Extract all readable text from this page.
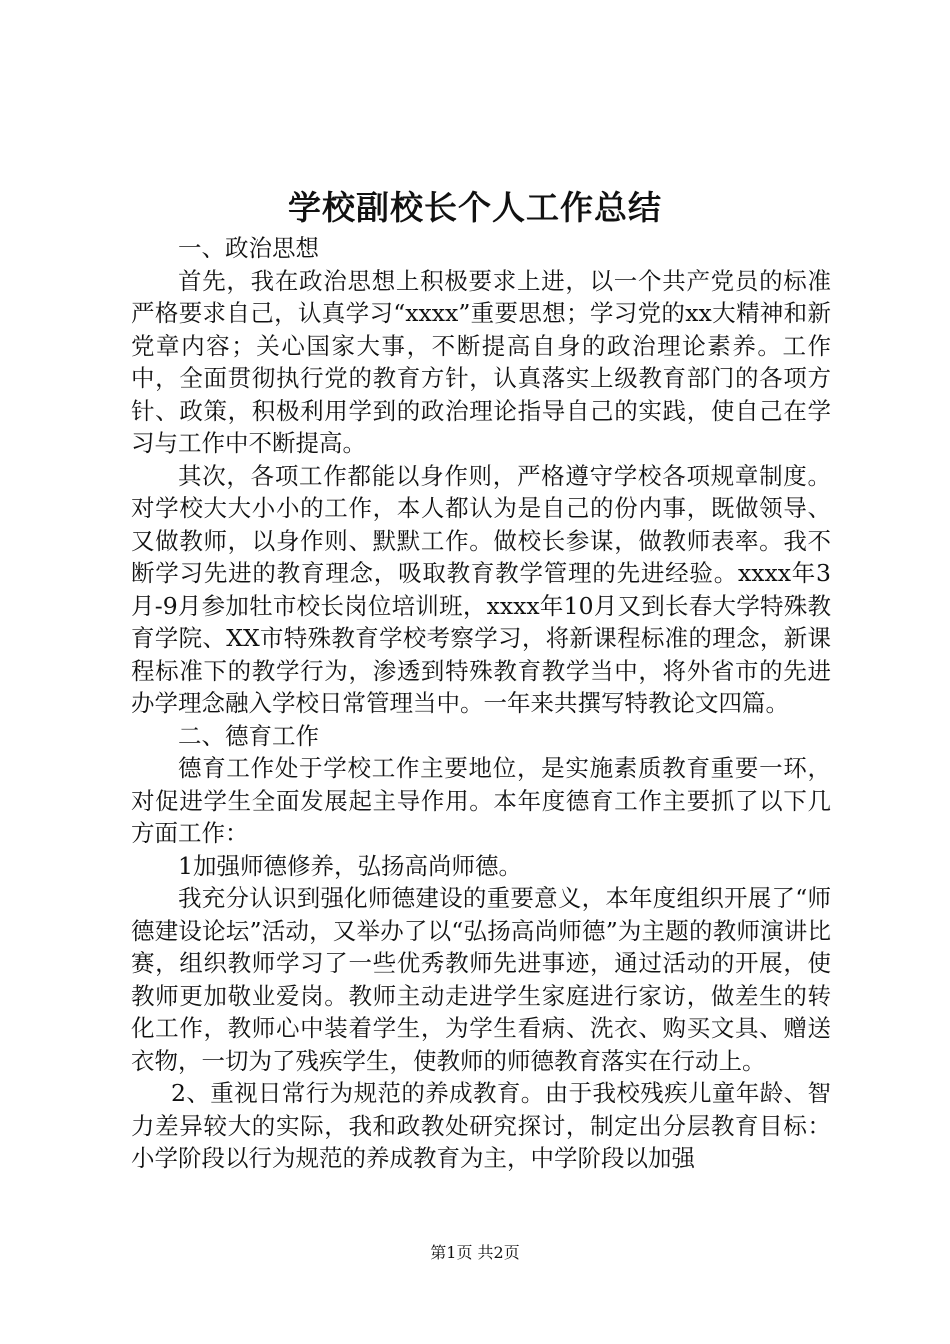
学校副校长个人工作总结

一、政治思想

首先，我在政治思想上积极要求上进，以一个共产党员的标准严格要求自己，认真学习“xxxx”重要思想；学习党的xx大精神和新党章内容；关心国家大事，不断提高自身的政治理论素养。工作中，全面贯彻执行党的教育方针，认真落实上级教育部门的各项方针、政策，积极利用学到的政治理论指导自己的实践，使自己在学习与工作中不断提高。

其次，各项工作都能以身作则，严格遵守学校各项规章制度。对学校大大小小的工作，本人都认为是自己的份内事，既做领导、又做教师，以身作则、默默工作。做校长参谋，做教师表率。我不断学习先进的教育理念，吸取教育教学管理的先进经验。xxxx年3月-9月参加牡市校长岗位培训班，xxxx年10月又到长春大学特殊教育学院、XX市特殊教育学校考察学习，将新课程标准的理念，新课程标准下的教学行为，渗透到特殊教育教学当中，将外省市的先进办学理念融入学校日常管理当中。一年来共撰写特教论文四篇。

二、德育工作

德育工作处于学校工作主要地位，是实施素质教育重要一环，对促进学生全面发展起主导作用。本年度德育工作主要抓了以下几方面工作：

1加强师德修养，弘扬高尚师德。

我充分认识到强化师德建设的重要意义，本年度组织开展了“师德建设论坛”活动，又举办了以“弘扬高尚师德”为主题的教师演讲比赛，组织教师学习了一些优秀教师先进事迹，通过活动的开展，使教师更加敬业爱岗。教师主动走进学生家庭进行家访，做差生的转化工作，教师心中装着学生，为学生看病、洗衣、购买文具、赠送衣物，一切为了残疾学生，使教师的师德教育落实在行动上。

2、重视日常行为规范的养成教育。由于我校残疾儿童年龄、智力差异较大的实际，我和政教处研究探讨，制定出分层教育目标：小学阶段以行为规范的养成教育为主，中学阶段以加强

第1页 共2页
